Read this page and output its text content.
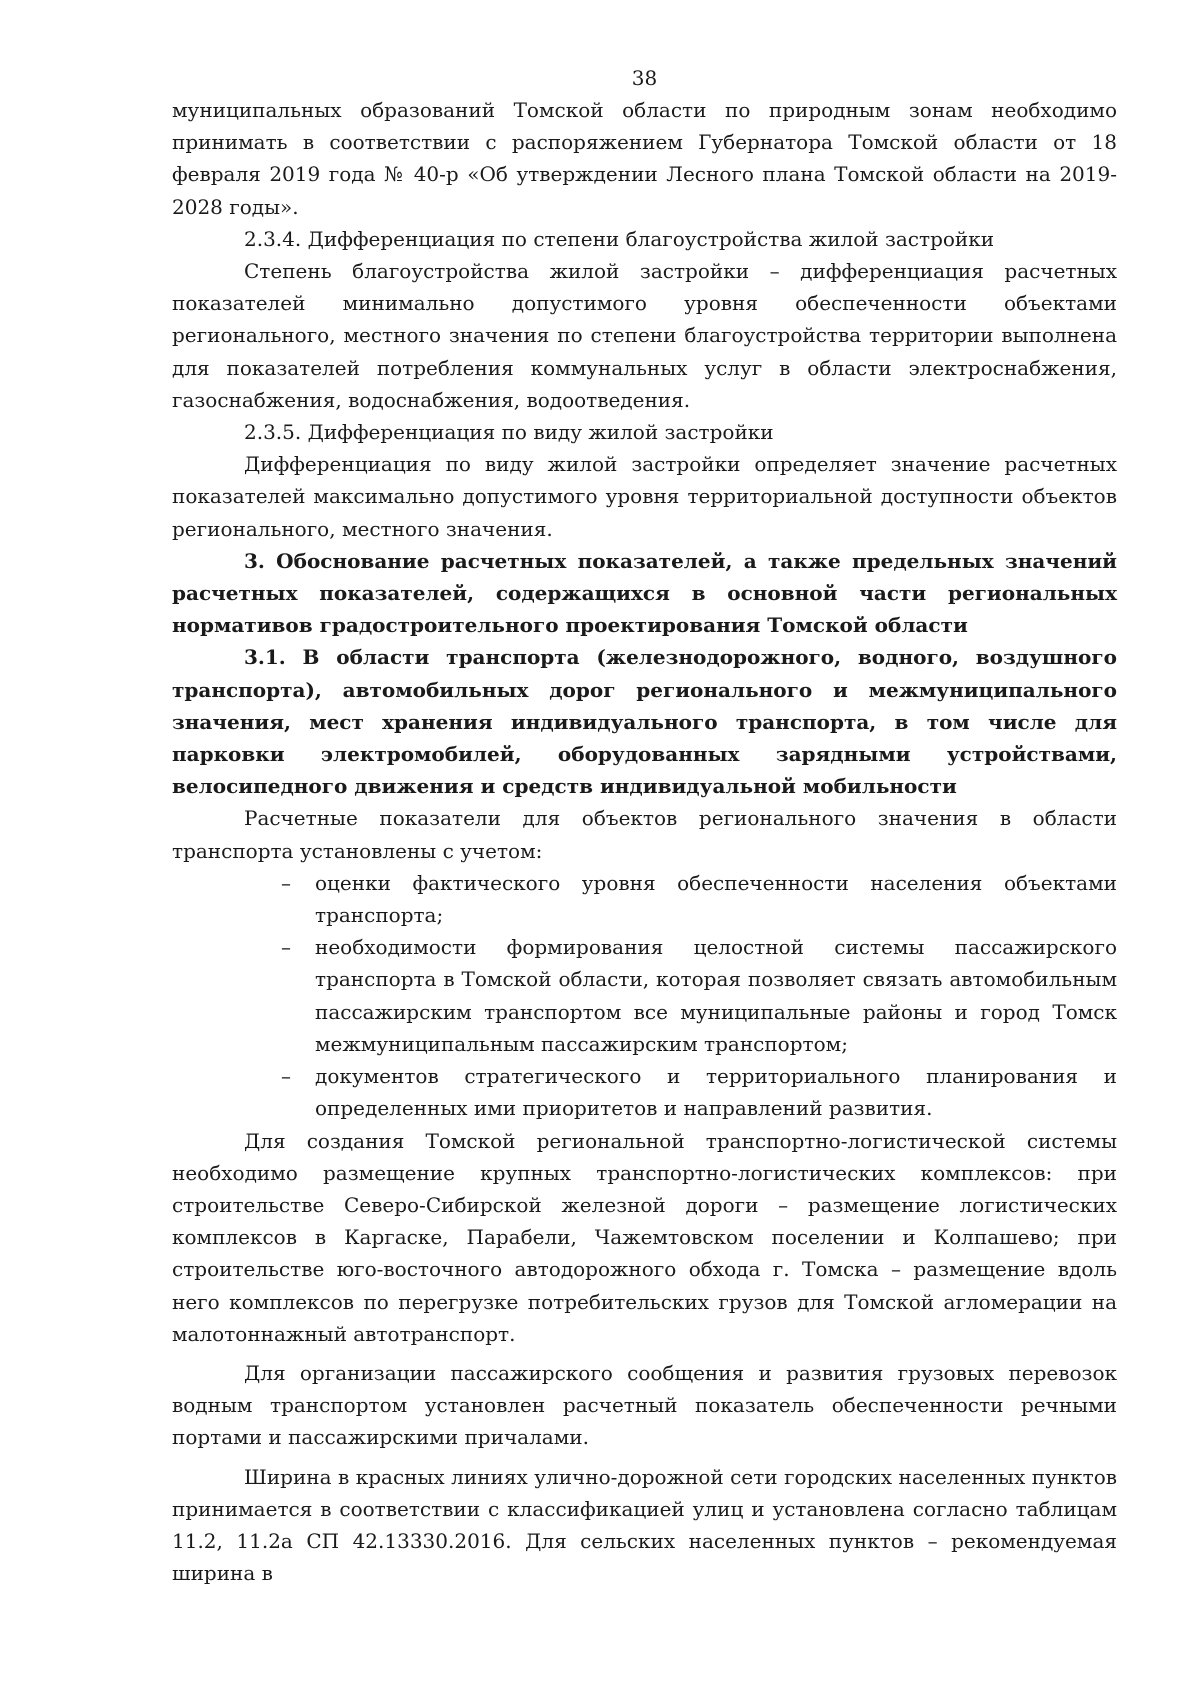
38

муниципальных образований Томской области по природным зонам необходимо принимать в соответствии с распоряжением Губернатора Томской области от 18 февраля 2019 года № 40-р «Об утверждении Лесного плана Томской области на 2019-2028 годы».

2.3.4. Дифференциация по степени благоустройства жилой застройки

Степень благоустройства жилой застройки – дифференциация расчетных показателей минимально допустимого уровня обеспеченности объектами регионального, местного значения по степени благоустройства территории выполнена для показателей потребления коммунальных услуг в области электроснабжения, газоснабжения, водоснабжения, водоотведения.

2.3.5. Дифференциация по виду жилой застройки

Дифференциация по виду жилой застройки определяет значение расчетных показателей максимально допустимого уровня территориальной доступности объектов регионального, местного значения.

3. Обоснование расчетных показателей, а также предельных значений расчетных показателей, содержащихся в основной части региональных нормативов градостроительного проектирования Томской области

3.1. В области транспорта (железнодорожного, водного, воздушного транспорта), автомобильных дорог регионального и межмуниципального значения, мест хранения индивидуального транспорта, в том числе для парковки электромобилей, оборудованных зарядными устройствами, велосипедного движения и средств индивидуальной мобильности

Расчетные показатели для объектов регионального значения в области транспорта установлены с учетом:

– оценки фактического уровня обеспеченности населения объектами транспорта;
– необходимости формирования целостной системы пассажирского транспорта в Томской области, которая позволяет связать автомобильным пассажирским транспортом все муниципальные районы и город Томск межмуниципальным пассажирским транспортом;
– документов стратегического и территориального планирования и определенных ими приоритетов и направлений развития.

Для создания Томской региональной транспортно-логистической системы необходимо размещение крупных транспортно-логистических комплексов: при строительстве Северо-Сибирской железной дороги – размещение логистических комплексов в Каргаске, Парабели, Чажемтовском поселении и Колпашево; при строительстве юго-восточного автодорожного обхода г. Томска – размещение вдоль него комплексов по перегрузке потребительских грузов для Томской агломерации на малотоннажный автотранспорт.

Для организации пассажирского сообщения и развития грузовых перевозок водным транспортом установлен расчетный показатель обеспеченности речными портами и пассажирскими причалами.

Ширина в красных линиях улично-дорожной сети городских населенных пунктов принимается в соответствии с классификацией улиц и установлена согласно таблицам 11.2, 11.2а СП 42.13330.2016. Для сельских населенных пунктов – рекомендуемая ширина в
